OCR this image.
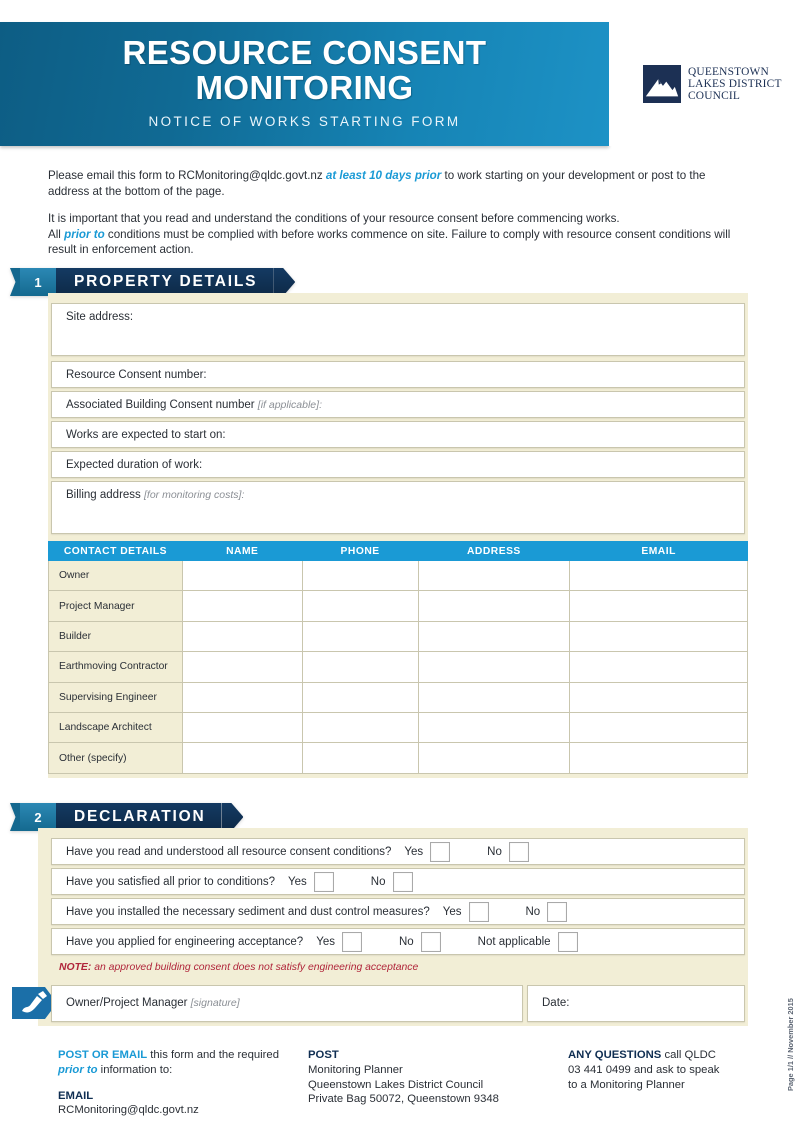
RESOURCE CONSENT
MONITORING
NOTICE OF WORKS STARTING FORM
QUEENSTOWN
LAKES DISTRICT
COUNCIL

Please email this form to RCMonitoring@qldc.govt.nz at least 10 days prior to work starting on your development or post to the address at the bottom of the page.

It is important that you read and understand the conditions of your resource consent before commencing works.
All prior to conditions must be complied with before works commence on site. Failure to comply with resource consent conditions will result in enforcement action.

1	PROPERTY DETAILS
Site address:
Resource Consent number:
Associated Building Consent number [if applicable]:
Works are expected to start on:
Expected duration of work:
Billing address [for monitoring costs]:
CONTACT DETAILS	NAME	PHONE	ADDRESS	EMAIL
Owner				
Project Manager				
Builder				
Earthmoving Contractor				
Supervising Engineer				
Landscape Architect				
Other (specify)				
2	DECLARATION
Have you read and understood all resource consent conditions? Yes	No
Have you satisfied all prior to conditions? Yes	No
Have you installed the necessary sediment and dust control measures? Yes	No
Have you applied for engineering acceptance? Yes	No	Not applicable
NOTE: an approved building consent does not satisfy engineering acceptance
Owner/Project Manager [signature]	Date:
POST OR EMAIL this form and the required prior to information to:
EMAIL
RCMonitoring@qldc.govt.nz
POST
Monitoring Planner
Queenstown Lakes District Council
Private Bag 50072, Queenstown 9348
ANY QUESTIONS call QLDC
03 441 0499 and ask to speak
to a Monitoring Planner	Page 1/1 // November 2015
